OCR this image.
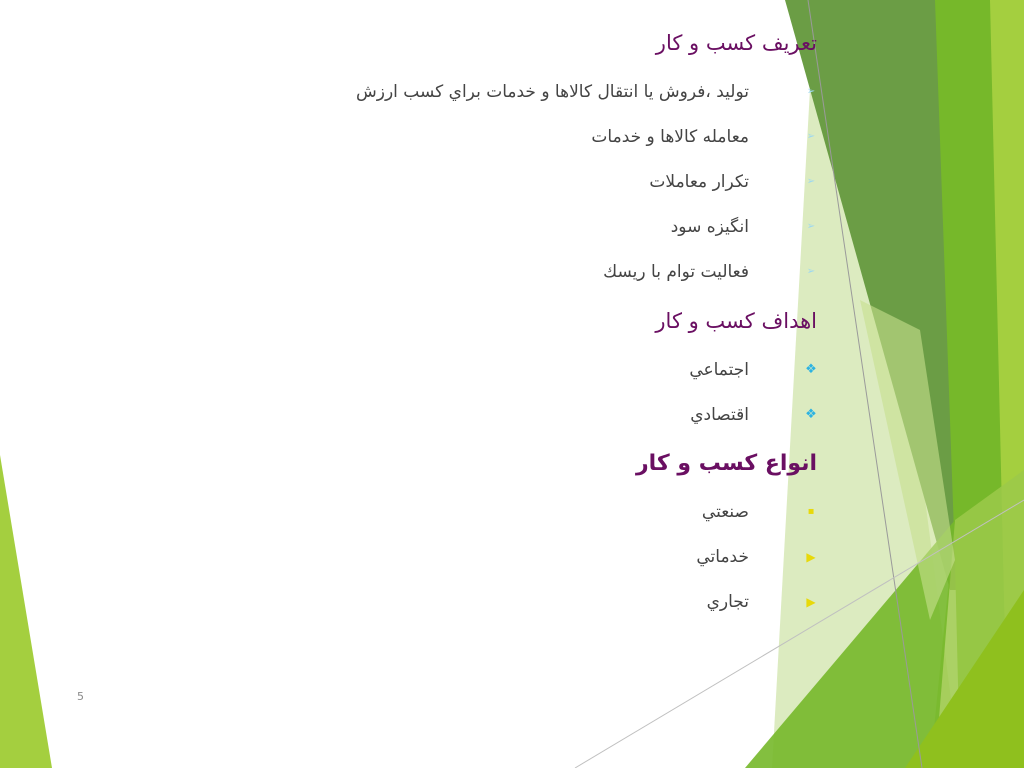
تعريف كسب و كار
➢
توليد ،فروش يا انتقال كالاها و خدمات براي كسب ارزش
➢
معامله كالاها و خدمات
➢
تكرار معاملات
➢
انگيزه سود
➢
فعاليت توام با ريسك
اهداف كسب و كار
❖
اجتماعي
❖
اقتصادي
انواع كسب و كار
▪
صنعتي
▶
خدماتي
▶
تجاري
5
